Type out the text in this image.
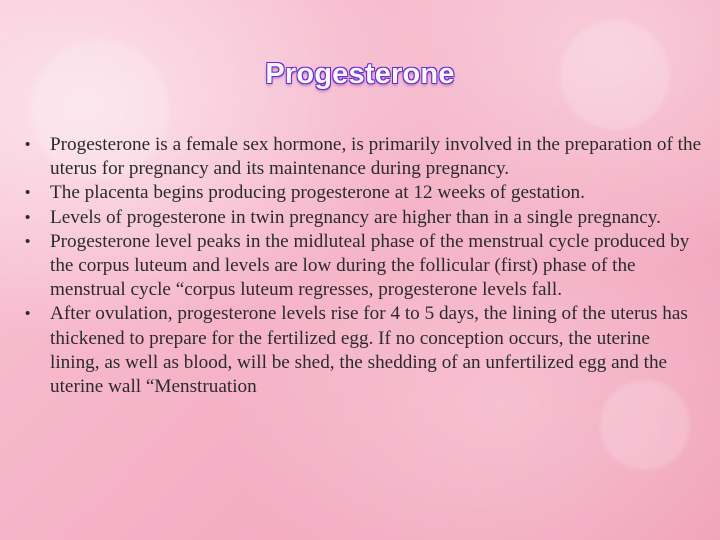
Progesterone
• Progesterone is a female sex hormone, is primarily involved in the preparation of the uterus for pregnancy and its maintenance during pregnancy.
• The placenta begins producing progesterone at 12 weeks of gestation.
• Levels of progesterone in twin pregnancy are higher than in a single pregnancy.
• Progesterone level peaks in the midluteal phase of the menstrual cycle produced by the corpus luteum and levels are low during the follicular (first) phase of the menstrual cycle “corpus luteum regresses, progesterone levels fall.
• After ovulation, progesterone levels rise for 4 to 5 days, the lining of the uterus has thickened to prepare for the fertilized egg. If no conception occurs, the uterine lining, as well as blood, will be shed, the shedding of an unfertilized egg and the uterine wall “Menstruation
